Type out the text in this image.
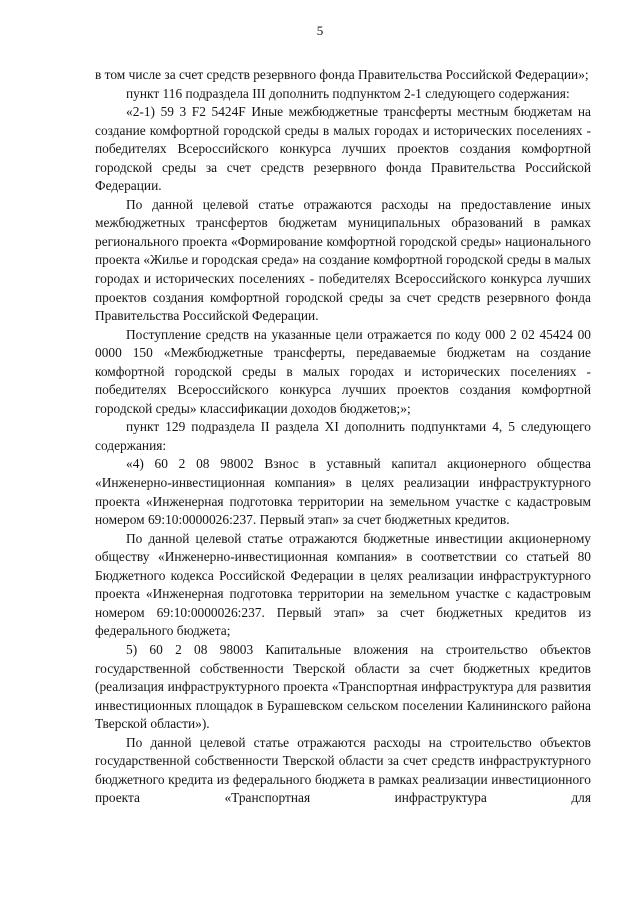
5

в том числе за счет средств резервного фонда Правительства Российской Федерации»;

пункт 116 подраздела III дополнить подпунктом 2-1 следующего содержания:

«2-1) 59 3 F2 5424F Иные межбюджетные трансферты местным бюджетам на создание комфортной городской среды в малых городах и исторических поселениях - победителях Всероссийского конкурса лучших проектов создания комфортной городской среды за счет средств резервного фонда Правительства Российской Федерации.

По данной целевой статье отражаются расходы на предоставление иных межбюджетных трансфертов бюджетам муниципальных образований в рамках регионального проекта «Формирование комфортной городской среды» национального проекта «Жилье и городская среда» на создание комфортной городской среды в малых городах и исторических поселениях - победителях Всероссийского конкурса лучших проектов создания комфортной городской среды за счет средств резервного фонда Правительства Российской Федерации.

Поступление средств на указанные цели отражается по коду 000 2 02 45424 00 0000 150 «Межбюджетные трансферты, передаваемые бюджетам на создание комфортной городской среды в малых городах и исторических поселениях - победителях Всероссийского конкурса лучших проектов создания комфортной городской среды» классификации доходов бюджетов;»;

пункт 129 подраздела II раздела XI дополнить подпунктами 4, 5 следующего содержания:

«4) 60 2 08 98002 Взнос в уставный капитал акционерного общества «Инженерно-инвестиционная компания» в целях реализации инфраструктурного проекта «Инженерная подготовка территории на земельном участке с кадастровым номером 69:10:0000026:237. Первый этап» за счет бюджетных кредитов.

По данной целевой статье отражаются бюджетные инвестиции акционерному обществу «Инженерно-инвестиционная компания» в соответствии со статьей 80 Бюджетного кодекса Российской Федерации в целях реализации инфраструктурного проекта «Инженерная подготовка территории на земельном участке с кадастровым номером 69:10:0000026:237. Первый этап» за счет бюджетных кредитов из федерального бюджета;

5) 60 2 08 98003 Капитальные вложения на строительство объектов государственной собственности Тверской области за счет бюджетных кредитов (реализация инфраструктурного проекта «Транспортная инфраструктура для развития инвестиционных площадок в Бурашевском сельском поселении Калининского района Тверской области»).

По данной целевой статье отражаются расходы на строительство объектов государственной собственности Тверской области за счет средств инфраструктурного бюджетного кредита из федерального бюджета в рамках реализации инвестиционного проекта «Транспортная инфраструктура для
